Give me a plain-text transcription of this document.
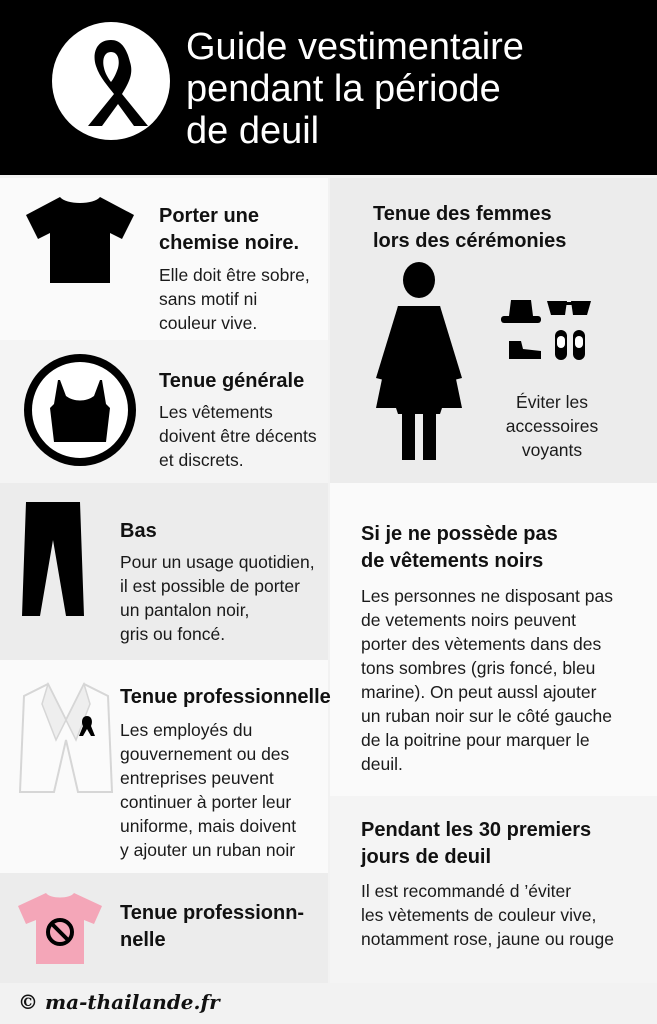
Guide vestimentaire
pendant la période
de deuil
Porter une
chemise noire.
Elle doit être sobre,
sans motif ni
couleur vive.
Tenue générale
Les vêtements
doivent être décents
et discrets.
Bas
Pour un usage quotidien,
il est possible de porter
un pantalon noir,
gris ou foncé.
Tenue professionnelle
Les employés du
gouvernement ou des
entreprises peuvent
continuer à porter leur
uniforme, mais doivent
y ajouter un ruban noir
Tenue professionn-
nelle
Tenue des femmes
lors des cérémonies
Éviter les
accessoires
voyants
Si je ne possède pas
de vêtements noirs
Les personnes ne disposant pas
de vetements noirs peuvent
porter des vètements dans des
tons sombres (gris foncé, bleu
marine). On peut aussl ajouter
un ruban noir sur le côté gauche
de la poitrine pour marquer le
deuil.
Pendant les 30 premiers
jours de deuil
Il est recommandé d ’éviter
les vètements de couleur vive,
notamment rose, jaune ou rouge
© ma-thailande.fr
